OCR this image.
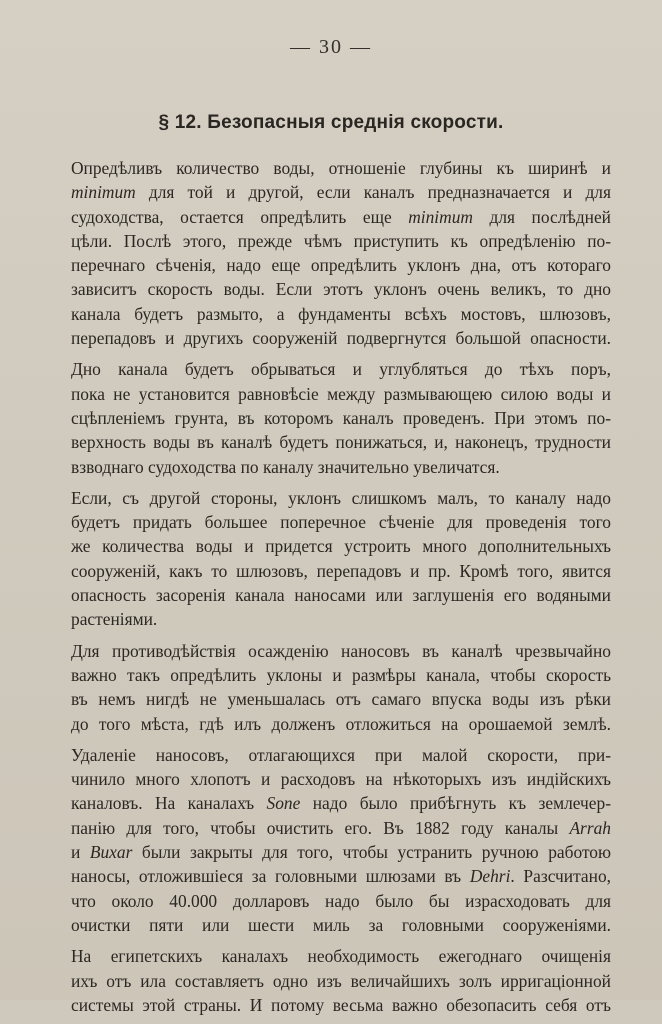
— 30 —
§ 12. Безопасныя среднія скорости.
Опредѣливъ количество воды, отношеніе глубины къ ширинѣ и
minimum для той и другой, если каналъ предназначается и для
судоходства, остается опредѣлить еще minimum для послѣдней
цѣли. Послѣ этого, прежде чѣмъ приступить къ опредѣленію по-
перечнаго сѣченія, надо еще опредѣлить уклонъ дна, отъ котораго
зависитъ скорость воды. Если этотъ уклонъ очень великъ, то дно
канала будетъ размыто, а фундаменты всѣхъ мостовъ, шлюзовъ,
перепадовъ и другихъ сооруженій подвергнутся большой опасности.
Дно канала будетъ обрываться и углубляться до тѣхъ поръ,
пока не установится равновѣсіе между размывающею силою воды и
сцѣпленіемъ грунта, въ которомъ каналъ проведенъ. При этомъ по-
верхность воды въ каналѣ будетъ понижаться, и, наконецъ, трудности
взводнаго судоходства по каналу значительно увеличатся.
Если, съ другой стороны, уклонъ слишкомъ малъ, то каналу надо
будетъ придать большее поперечное сѣченіе для проведенія того
же количества воды и придется устроить много дополнительныхъ
сооруженій, какъ то шлюзовъ, перепадовъ и пр. Кромѣ того, явится
опасность засоренія канала наносами или заглушенія его водяными
растеніями.
Для противодѣйствія осажденію наносовъ въ каналѣ чрезвычайно
важно такъ опредѣлить уклоны и размѣры канала, чтобы скорость
въ немъ нигдѣ не уменьшалась отъ самаго впуска воды изъ рѣки
до того мѣста, гдѣ илъ долженъ отложиться на орошаемой землѣ.
Удаленіе наносовъ, отлагающихся при малой скорости, при-
чинило много хлопотъ и расходовъ на нѣкоторыхъ изъ индійскихъ
каналовъ. На каналахъ Sone надо было прибѣгнуть къ землечер-
панію для того, чтобы очистить его. Въ 1882 году каналы Arrah
и Buxar были закрыты для того, чтобы устранить ручною работою
наносы, отложившіеся за головными шлюзами въ Dehri. Разсчитано,
что около 40.000 долларовъ надо было бы израсходовать для
очистки пяти или шести миль за головными сооруженіями.
На египетскихъ каналахъ необходимость ежегоднаго очищенія
ихъ отъ ила составляетъ одно изъ величайшихъ золъ ирригаціонной
системы этой страны. И потому весьма важно обезопасить себя отъ
